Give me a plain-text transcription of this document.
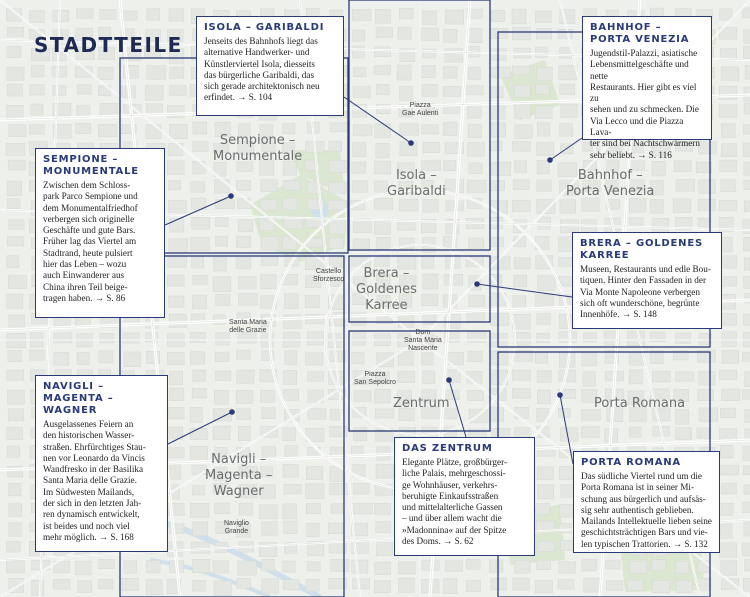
STADTTEILE
Sempione –
Monumentale
Isola –
Garibaldi
Bahnhof –
Porta Venezia
Brera –
Goldenes
Karree
Zentrum	Porta Romana
Navigli –
Magenta –
Wagner
Piazza
Gae Aulenti
Castello
Sforzesco
Santa Maria
delle Grazie	Dom
Santa Maria
Nascente
Piazza
San Sepolcro
Naviglio
Grande
ISOLA – GARIBALDI

Jenseits des Bahnhofs liegt das
alternative Handwerker- und
Künstlerviertel Isola, diesseits
das bürgerliche Garibaldi, das
sich gerade architektonisch neu
erfindet. → S. 104

BAHNHOF –
PORTA VENEZIA

Jugendstil-Palazzi, asiatische
Lebensmittelgeschäfte und nette
Restaurants. Hier gibt es viel zu
sehen und zu schmecken. Die
Via Lecco und die Piazza Lava-
ter sind bei Nachtschwärmern
sehr beliebt. → S. 116

SEMPIONE –
MONUMENTALE

Zwischen dem Schloss-
park Parco Sempione und
dem Monumentalfriedhof
verbergen sich originelle
Geschäfte und gute Bars.
Früher lag das Viertel am
Stadtrand, heute pulsiert
hier das Leben – wozu
auch Einwanderer aus
China ihren Teil beige-
tragen haben. → S. 86

BRERA – GOLDENES
KARREE

Museen, Restaurants und edle Bou-
tiquen. Hinter den Fassaden in der
Via Monte Napoleone verbergen
sich oft wunderschöne, begrünte
Innenhöfe. → S. 148

NAVIGLI –
MAGENTA –
WAGNER

Ausgelassenes Feiern an
den historischen Wasser-
straßen. Ehrfürchtiges Stau-
nen vor Leonardo da Vincis
Wandfresko in der Basilika
Santa Maria delle Grazie.
Im Südwesten Mailands,
der sich in den letzten Jah-
ren dynamisch entwickelt,
ist beides und noch viel
mehr möglich. → S. 168

DAS ZENTRUM

Elegante Plätze, großbürger-
liche Palais, mehrgeschossi-
ge Wohnhäuser, verkehrs-
beruhigte Einkaufsstraßen
und mittelalterliche Gassen
– und über allem wacht die
»Madonnina« auf der Spitze
des Doms. → S. 62

PORTA ROMANA

Das südliche Viertel rund um die
Porta Romana ist in seiner Mi-
schung aus bürgerlich und aufsäs-
sig sehr authentisch geblieben.
Mailands Intellektuelle lieben seine
geschichtsträchtigen Bars und vie-
len typischen Trattorien. → S. 132
